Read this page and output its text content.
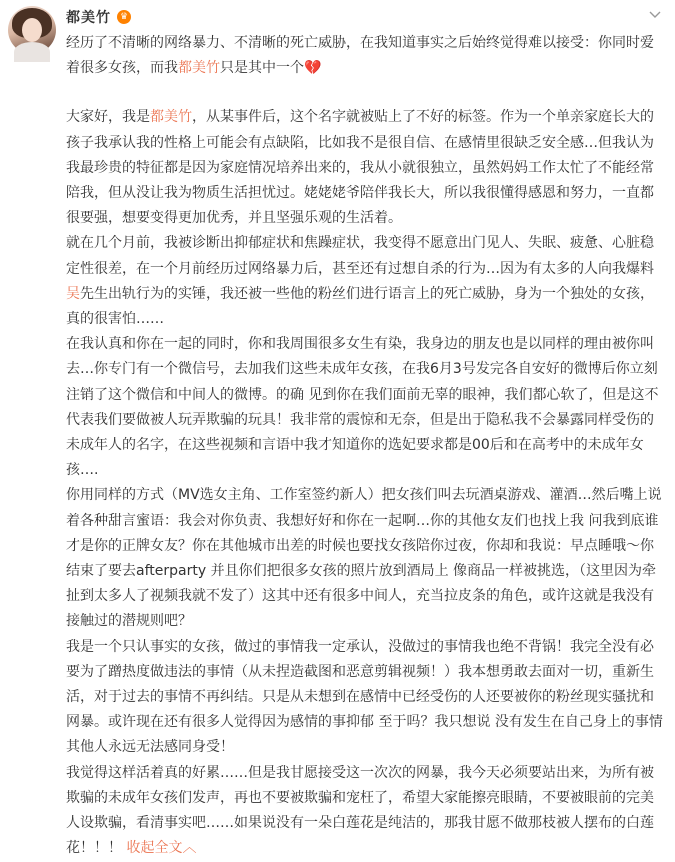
都美竹 ♛
经历了不清晰的网络暴力、不清晰的死亡威胁，在我知道事实之后始终觉得难以接受：你同时爱着很多女孩，而我都美竹只是其中一个💔
大家好，我是都美竹，从某事件后，这个名字就被贴上了不好的标签。作为一个单亲家庭长大的孩子我承认我的性格上可能会有点缺陷，比如我不是很自信、在感情里很缺乏安全感…但我认为我最珍贵的特征都是因为家庭情况培养出来的，我从小就很独立，虽然妈妈工作太忙了不能经常陪我，但从没让我为物质生活担忧过。姥姥姥爷陪伴我长大，所以我很懂得感恩和努力，一直都很要强，想要变得更加优秀，并且坚强乐观的生活着。
就在几个月前，我被诊断出抑郁症状和焦躁症状，我变得不愿意出门见人、失眠、疲惫、心脏稳定性很差，在一个月前经历过网络暴力后，甚至还有过想自杀的行为…因为有太多的人向我爆料吴先生出轨行为的实锤，我还被一些他的粉丝们进行语言上的死亡威胁，身为一个独处的女孩，真的很害怕……
在我认真和你在一起的同时，你和我周围很多女生有染，我身边的朋友也是以同样的理由被你叫去…你专门有一个微信号，去加我们这些未成年女孩，在我6月3号发完各自安好的微博后你立刻注销了这个微信和中间人的微博。的确 见到你在我们面前无辜的眼神，我们都心软了，但是这不代表我们要做被人玩弄欺骗的玩具！我非常的震惊和无奈，但是出于隐私我不会暴露同样受伤的未成年人的名字，在这些视频和言语中我才知道你的选妃要求都是00后和在高考中的未成年女孩….
你用同样的方式（MV选女主角、工作室签约新人）把女孩们叫去玩酒桌游戏、灌酒…然后嘴上说着各种甜言蜜语：我会对你负责、我想好好和你在一起啊…你的其他女友们也找上我 问我到底谁才是你的正牌女友？你在其他城市出差的时候也要找女孩陪你过夜，你却和我说：早点睡哦～你结束了要去afterparty 并且你们把很多女孩的照片放到酒局上 像商品一样被挑选，（这里因为牵扯到太多人了视频我就不发了）这其中还有很多中间人，充当拉皮条的角色，或许这就是我没有接触过的潜规则吧？
我是一个只认事实的女孩，做过的事情我一定承认，没做过的事情我也绝不背锅！我完全没有必要为了蹭热度做违法的事情（从未捏造截图和恶意剪辑视频！）我本想勇敢去面对一切，重新生活，对于过去的事情不再纠结。只是从未想到在感情中已经受伤的人还要被你的粉丝现实骚扰和网暴。或许现在还有很多人觉得因为感情的事抑郁 至于吗？我只想说 没有发生在自己身上的事情其他人永远无法感同身受！
我觉得这样活着真的好累……但是我甘愿接受这一次次的网暴，我今天必须要站出来，为所有被欺骗的未成年女孩们发声，再也不要被欺骗和宠枉了，希望大家能擦亮眼睛，不要被眼前的完美人设欺骗，看清事实吧……如果说没有一朵白莲花是纯洁的，那我甘愿不做那枝被人摆布的白莲花！！！ 收起全文︿
